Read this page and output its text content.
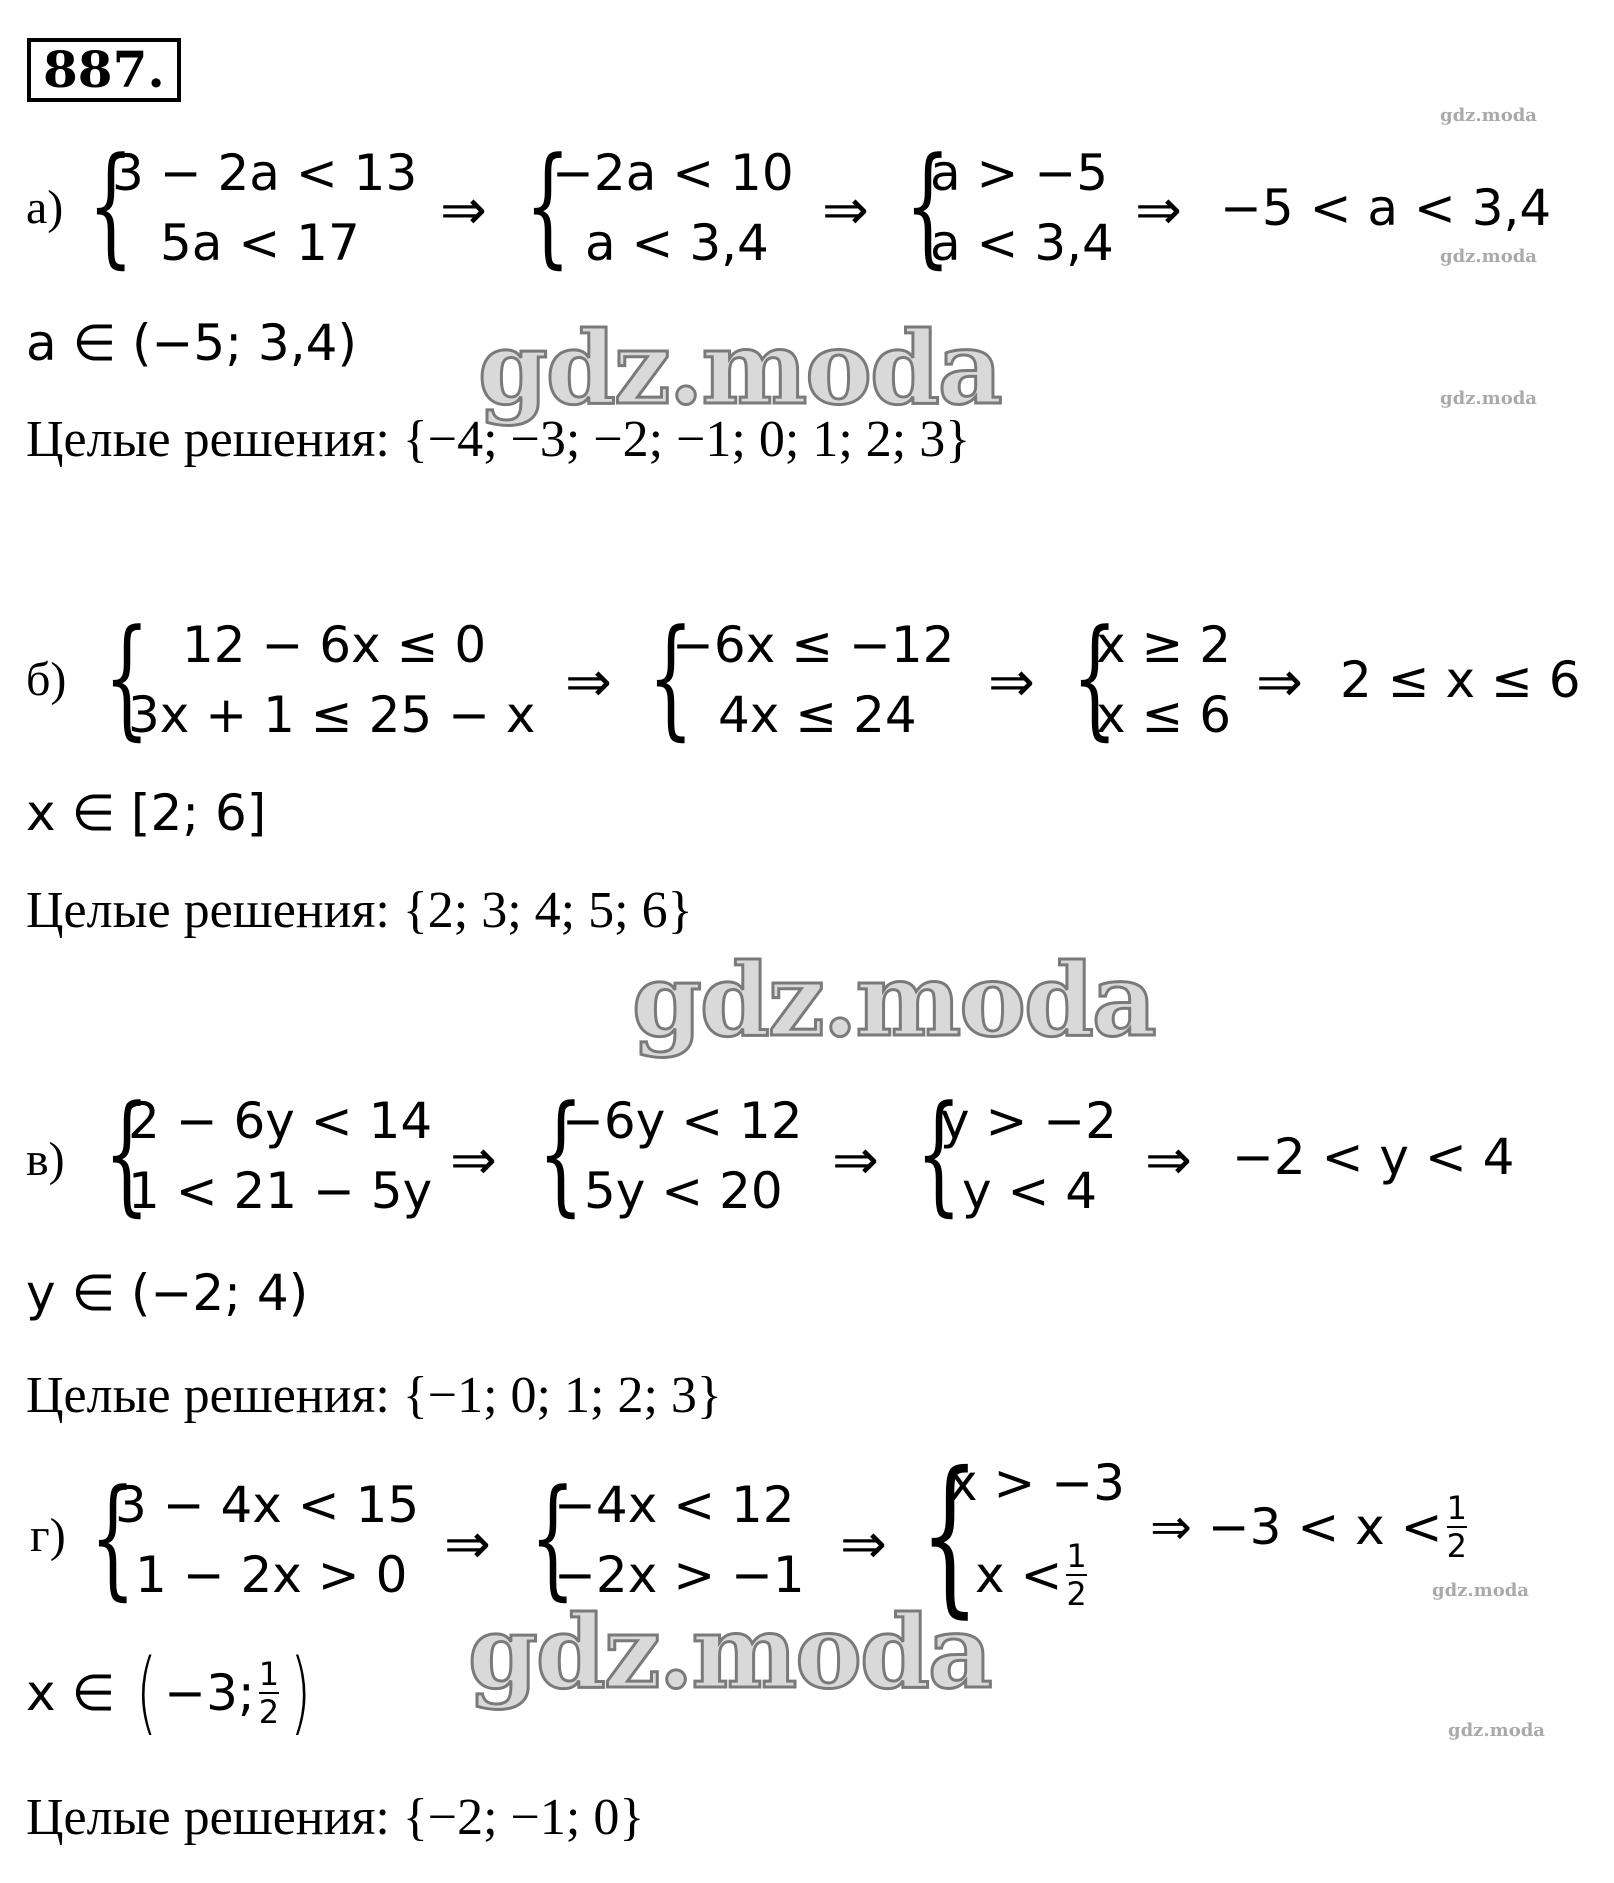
887.
gdz.moda
gdz.moda
gdz.moda
gdz.moda
gdz.moda
gdz.moda
gdz.moda
gdz.moda
а) {
3 − 2a < 13
5a < 17 ⇒ {
−2a < 10
a < 3,4 ⇒ {
a > −5
a < 3,4 ⇒ −5 < a < 3,4
a ∈ (−5; 3,4)
Целые решения: {−4; −3; −2; −1; 0; 1; 2; 3}
б) { 12 − 6x ≤ 0
3x + 1 ≤ 25 − x ⇒ {
−6x ≤ −12
4x ≤ 24 ⇒ {
x ≥ 2
x ≤ 6 ⇒ 2 ≤ x ≤ 6
x ∈ [2; 6]
Целые решения: {2; 3; 4; 5; 6}
в) {
2 − 6y < 14
1 < 21 − 5y ⇒ {
−6y < 12
5y < 20 ⇒ {
y > −2
y < 4 ⇒ −2 < y < 4
y ∈ (−2; 4)
Целые решения: {−1; 0; 1; 2; 3}
г) {
3 − 4x < 15
1 − 2x > 0 ⇒ {
−4x < 12
−2x > −1 ⇒ {
x > −3
$x < \frac{1}{2}$
⇒ $-3 < x < \frac{1}{2}$
x ∈ ( −3; $\frac{1}{2}$ )
Целые решения: {−2; −1; 0}
